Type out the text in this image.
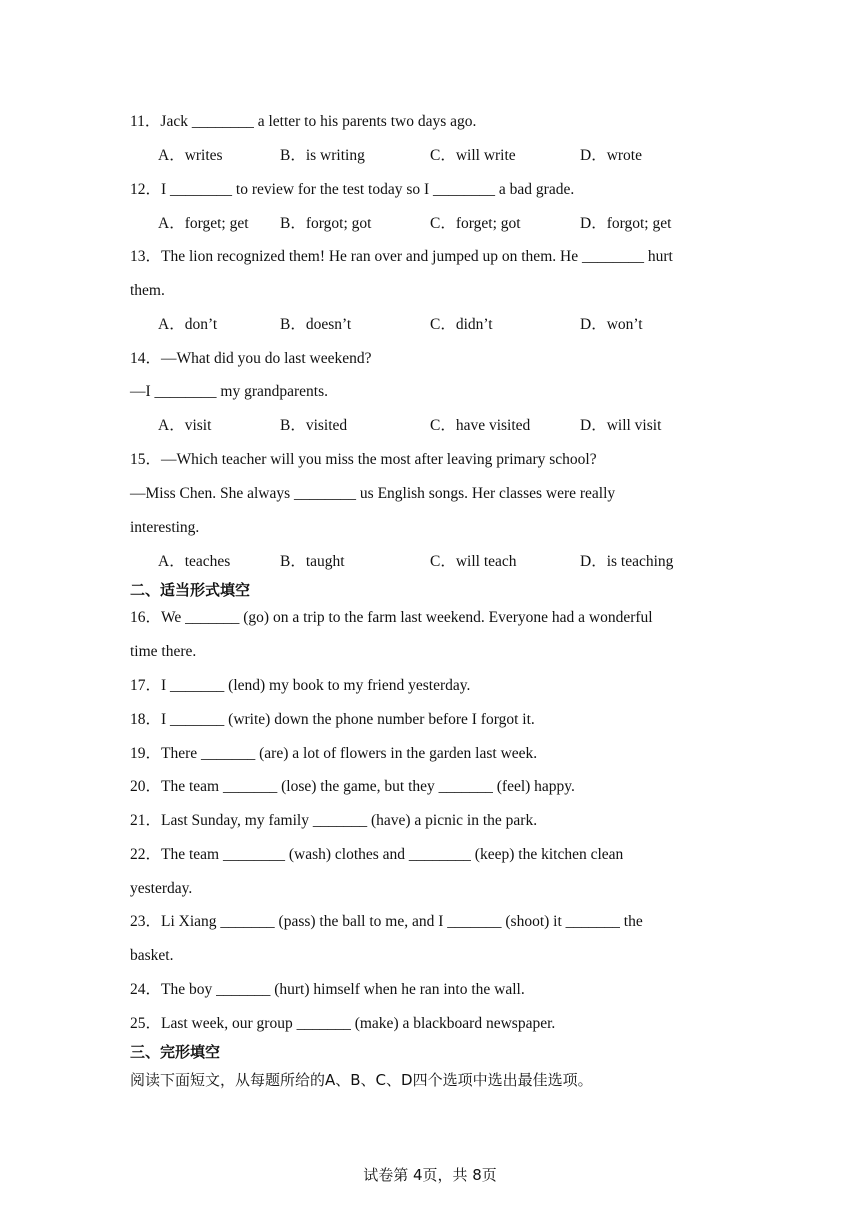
11．Jack ________ a letter to his parents two days ago.
A．writes	B．is writing	C．will write	D．wrote
12．I ________ to review for the test today so I ________ a bad grade.
A．forget; get B．forgot; got	C．forget; got	D．forgot; get
13．The lion recognized them! He ran over and jumped up on them. He ________ hurt
them.
A．don’t	B．doesn’t	C．didn’t	D．won’t
14．—What did you do last weekend?
—I ________ my grandparents.
A．visit	B．visited	C．have visited	D．will visit
15．—Which teacher will you miss the most after leaving primary school?
—Miss Chen. She always ________ us English songs. Her classes were really
interesting.
A．teaches	B．taught	C．will teach	D．is teaching
二、适当形式填空
16．We _______ (go) on a trip to the farm last weekend. Everyone had a wonderful
time there.
17．I _______ (lend) my book to my friend yesterday.
18．I _______ (write) down the phone number before I forgot it.
19．There _______ (are) a lot of flowers in the garden last week.
20．The team _______ (lose) the game, but they _______ (feel) happy.
21．Last Sunday, my family _______ (have) a picnic in the park.
22．The team ________ (wash) clothes and ________ (keep) the kitchen clean
yesterday.
23．Li Xiang _______ (pass) the ball to me, and I _______ (shoot) it _______ the
basket.
24．The boy _______ (hurt) himself when he ran into the wall.
25．Last week, our group _______ (make) a blackboard newspaper.
三、完形填空
阅读下面短文，从每题所给的A、B、C、D四个选项中选出最佳选项。
试卷第 4页，共 8页
